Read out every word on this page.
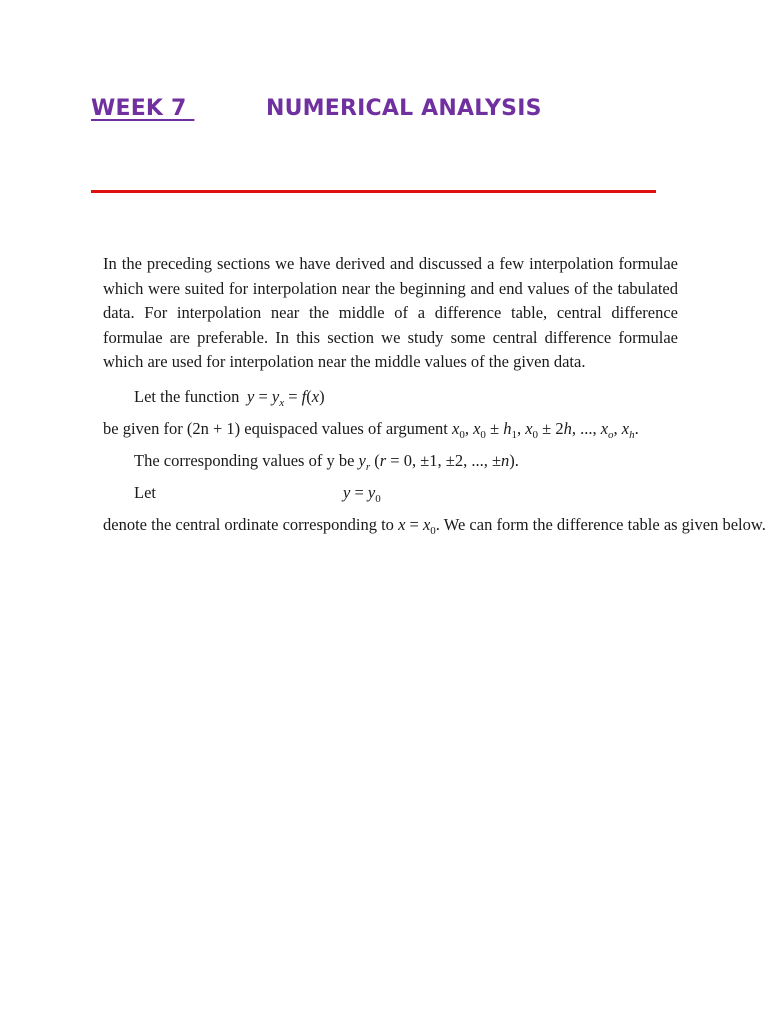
WEEK 7	NUMERICAL ANALYSIS

In the preceding sections we have derived and discussed a few interpolation formulae which were suited for interpolation near the beginning and end values of the tabulated data. For interpolation near the middle of a difference table, central difference formulae are preferable. In this section we study some central difference formulae which are used for interpolation near the middle values of the given data.

Let the function $y = y_x = f(x)$
be given for (2n + 1) equispaced values of argument $x_0$, $x_0 \pm h_1$, $x_0 \pm 2h$, ..., $x_o$, $x_h$.
The corresponding values of y be $y_r$ (r = 0, ±1, ±2, ..., ±n).
Let	$y = y_0$
denote the central ordinate corresponding to $x = x_0$. We can form the difference table as given below.
